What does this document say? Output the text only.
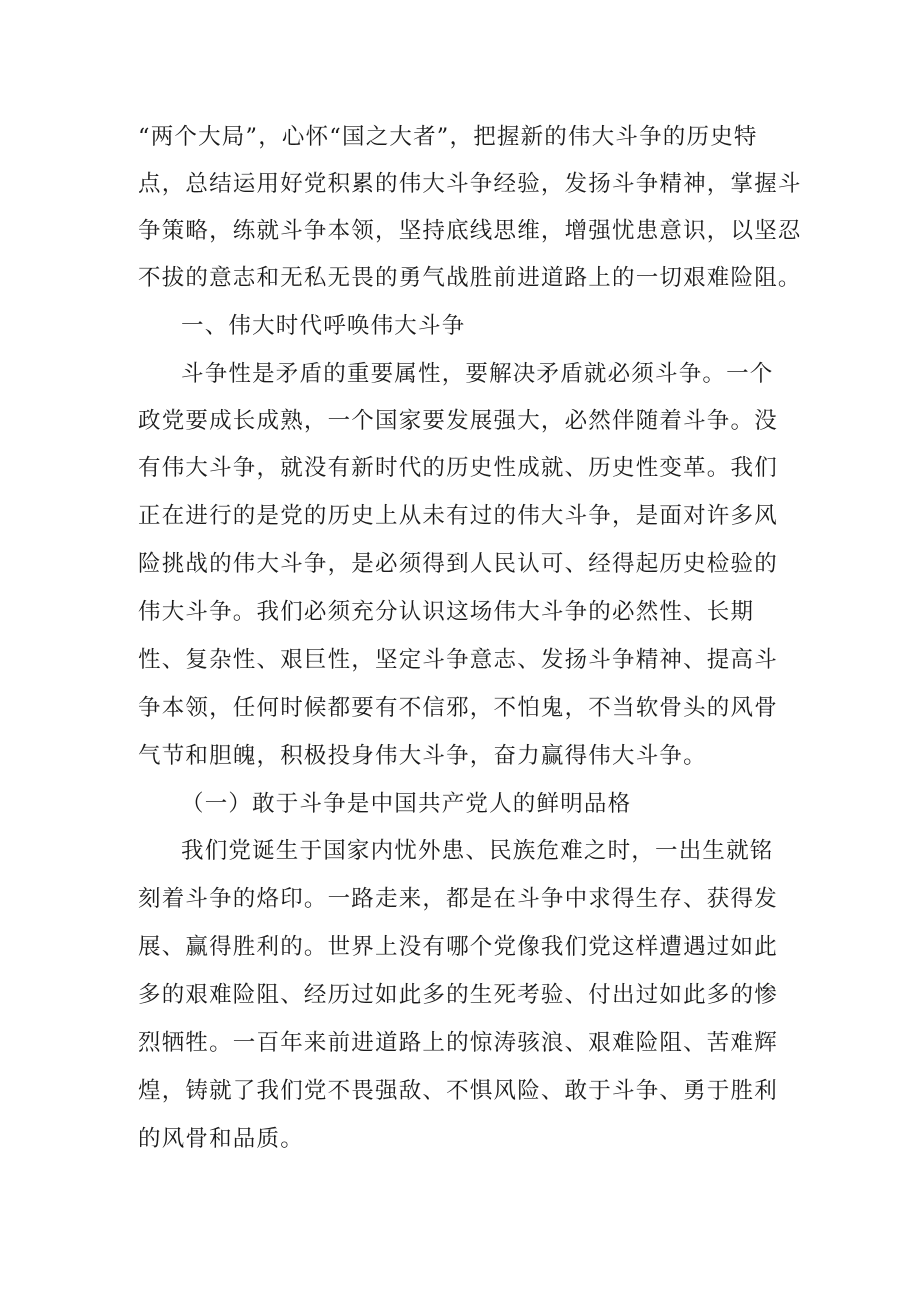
“两个大局”，心怀“国之大者”，把握新的伟大斗争的历史特
点，总结运用好党积累的伟大斗争经验，发扬斗争精神，掌握斗
争策略，练就斗争本领，坚持底线思维，增强忧患意识，以坚忍
不拔的意志和无私无畏的勇气战胜前进道路上的一切艰难险阻。
一、伟大时代呼唤伟大斗争
斗争性是矛盾的重要属性，要解决矛盾就必须斗争。一个
政党要成长成熟，一个国家要发展强大，必然伴随着斗争。没
有伟大斗争，就没有新时代的历史性成就、历史性变革。我们
正在进行的是党的历史上从未有过的伟大斗争，是面对许多风
险挑战的伟大斗争，是必须得到人民认可、经得起历史检验的
伟大斗争。我们必须充分认识这场伟大斗争的必然性、长期
性、复杂性、艰巨性，坚定斗争意志、发扬斗争精神、提高斗
争本领，任何时候都要有不信邪，不怕鬼，不当软骨头的风骨
气节和胆魄，积极投身伟大斗争，奋力赢得伟大斗争。
（一）敢于斗争是中国共产党人的鲜明品格
我们党诞生于国家内忧外患、民族危难之时，一出生就铭
刻着斗争的烙印。一路走来，都是在斗争中求得生存、获得发
展、赢得胜利的。世界上没有哪个党像我们党这样遭遇过如此
多的艰难险阻、经历过如此多的生死考验、付出过如此多的惨
烈牺牲。一百年来前进道路上的惊涛骇浪、艰难险阻、苦难辉
煌，铸就了我们党不畏强敌、不惧风险、敢于斗争、勇于胜利
的风骨和品质。
